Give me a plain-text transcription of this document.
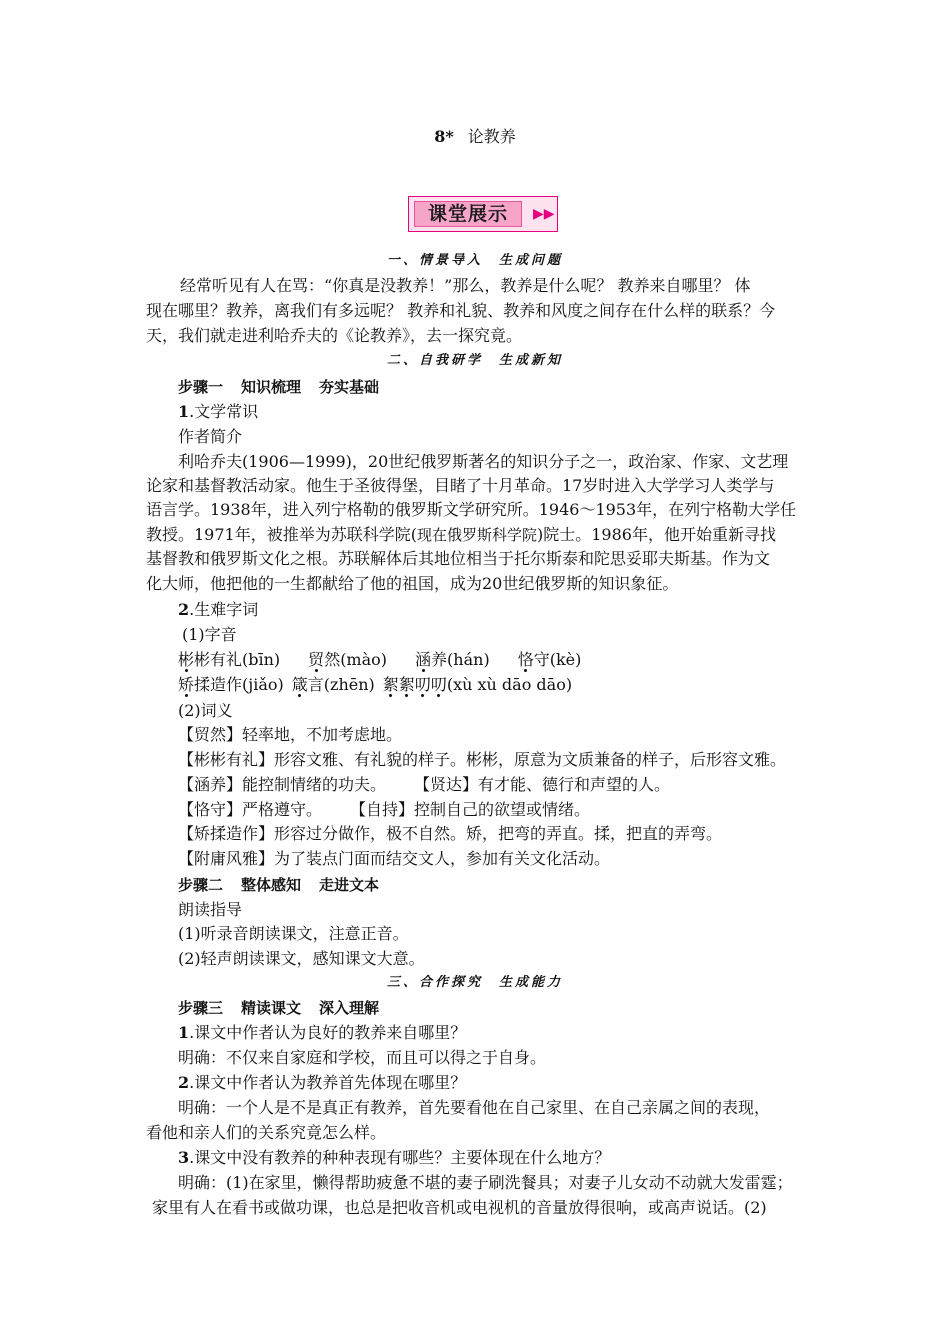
8* 论教养
课堂展示	▶▶
一、情景导入　生成问题
经常听见有人在骂：“你真是没教养！”那么，教养是什么呢？ 教养来自哪里？ 体
现在哪里？教养，离我们有多远呢？ 教养和礼貌、教养和风度之间存在什么样的联系？今
天，我们就走进利哈乔夫的《论教养》，去一探究竟。
二、自我研学　生成新知
步骤一 知识梳理 夯实基础
1.文学常识
作者简介
利哈乔夫(1906—1999)，20世纪俄罗斯著名的知识分子之一，政治家、作家、文艺理
论家和基督教活动家。他生于圣彼得堡，目睹了十月革命。17岁时进入大学学习人类学与
语言学。1938年，进入列宁格勒的俄罗斯文学研究所。1946～1953年，在列宁格勒大学任
教授。1971年，被推举为苏联科学院(现在俄罗斯科学院)院士。1986年，他开始重新寻找
基督教和俄罗斯文化之根。苏联解体后其地位相当于托尔斯泰和陀思妥耶夫斯基。作为文
化大师，他把他的一生都献给了他的祖国，成为20世纪俄罗斯的知识象征。
2.生难字词
(1)字音
彬彬有礼(bīn) 贸然(mào) 涵养(hán) 恪守(kè)
矫揉造作(jiǎo) 箴言(zhēn) 絮絮叨叨(xù xù dāo dāo)
(2)词义
【贸然】轻率地，不加考虑地。
【彬彬有礼】形容文雅、有礼貌的样子。彬彬，原意为文质兼备的样子，后形容文雅。
【涵养】能控制情绪的功夫。 【贤达】有才能、德行和声望的人。
【恪守】严格遵守。 【自持】控制自己的欲望或情绪。
【矫揉造作】形容过分做作，极不自然。矫，把弯的弄直。揉，把直的弄弯。
【附庸风雅】为了装点门面而结交文人，参加有关文化活动。
步骤二 整体感知 走进文本
朗读指导
(1)听录音朗读课文，注意正音。
(2)轻声朗读课文，感知课文大意。
三、合作探究　生成能力
步骤三 精读课文 深入理解
1.课文中作者认为良好的教养来自哪里？
明确：不仅来自家庭和学校，而且可以得之于自身。
2.课文中作者认为教养首先体现在哪里？
明确：一个人是不是真正有教养，首先要看他在自己家里、在自己亲属之间的表现，
看他和亲人们的关系究竟怎么样。
3.课文中没有教养的种种表现有哪些？主要体现在什么地方？
明确：(1)在家里，懒得帮助疲惫不堪的妻子刷洗餐具；对妻子儿女动不动就大发雷霆；
家里有人在看书或做功课，也总是把收音机或电视机的音量放得很响，或高声说话。(2)
